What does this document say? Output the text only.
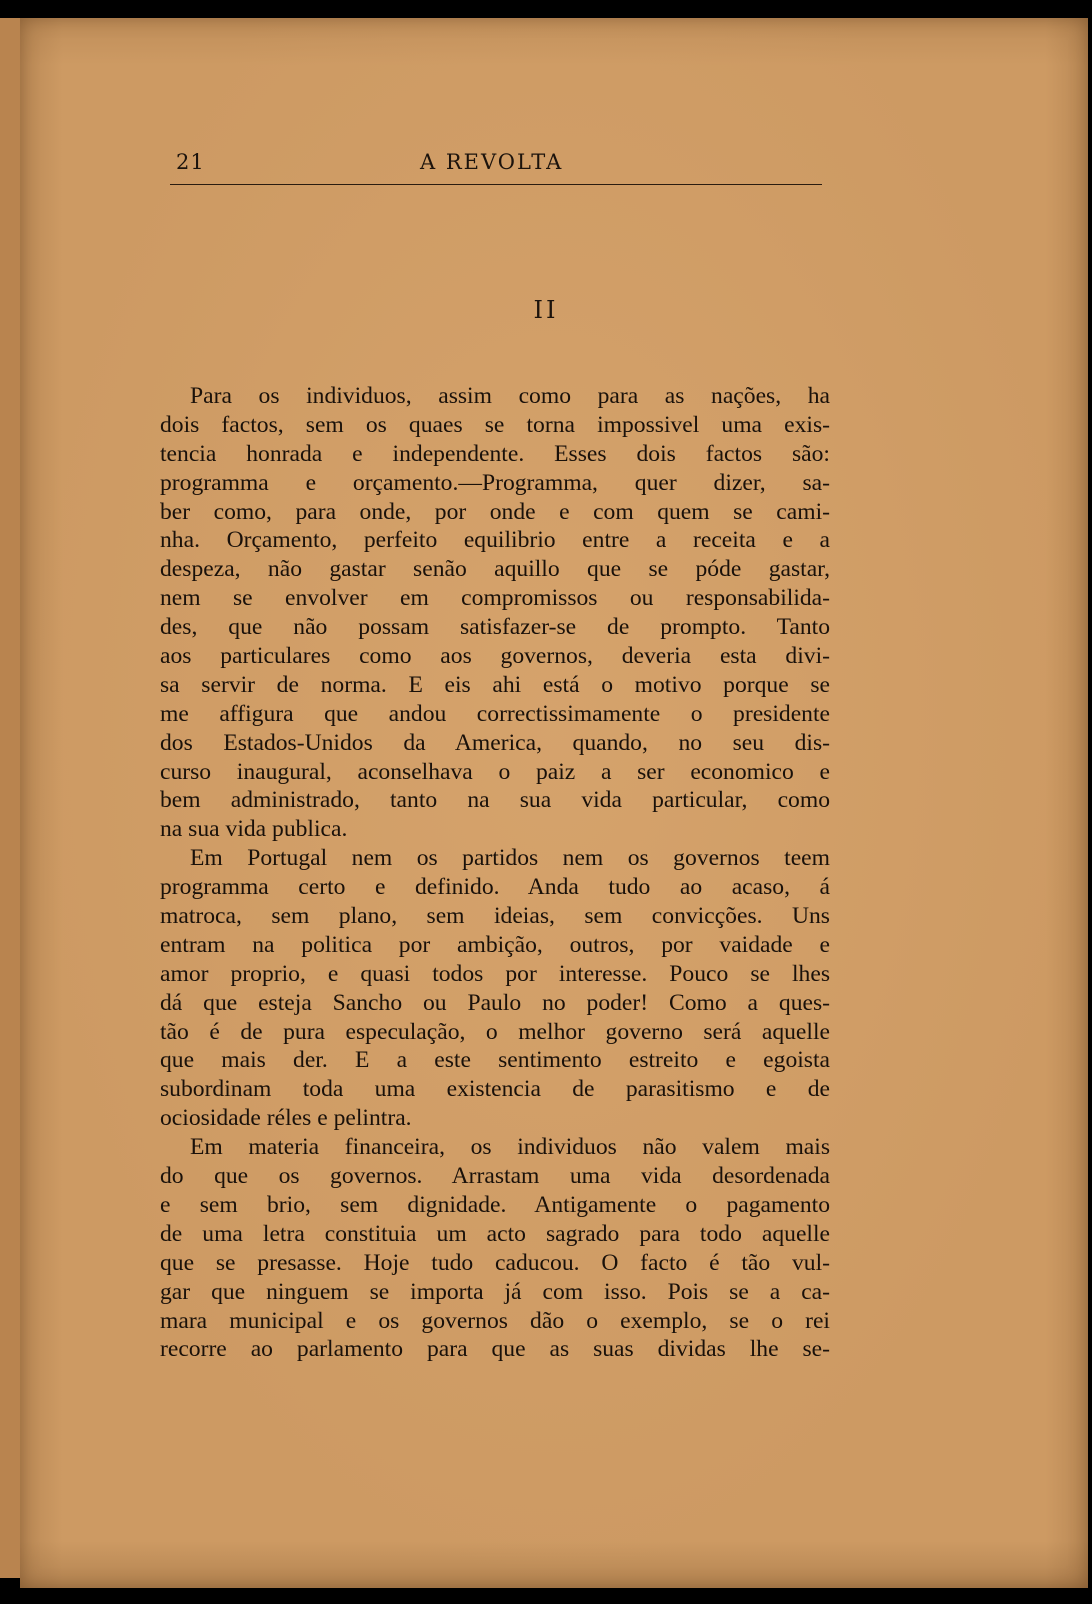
21	A REVOLTA
II
Para os individuos, assim como para as nações, ha
dois factos, sem os quaes se torna impossivel uma exis-
tencia honrada e independente. Esses dois factos são:
programma e orçamento.—Programma, quer dizer, sa-
ber como, para onde, por onde e com quem se cami-
nha. Orçamento, perfeito equilibrio entre a receita e a
despeza, não gastar senão aquillo que se póde gastar,
nem se envolver em compromissos ou responsabilida-
des, que não possam satisfazer-se de prompto. Tanto
aos particulares como aos governos, deveria esta divi-
sa servir de norma. E eis ahi está o motivo porque se
me affigura que andou correctissimamente o presidente
dos Estados-Unidos da America, quando, no seu dis-
curso inaugural, aconselhava o paiz a ser economico e
bem administrado, tanto na sua vida particular, como
na sua vida publica.
Em Portugal nem os partidos nem os governos teem
programma certo e definido. Anda tudo ao acaso, á
matroca, sem plano, sem ideias, sem convicções. Uns
entram na politica por ambição, outros, por vaidade e
amor proprio, e quasi todos por interesse. Pouco se lhes
dá que esteja Sancho ou Paulo no poder! Como a ques-
tão é de pura especulação, o melhor governo será aquelle
que mais der. E a este sentimento estreito e egoista
subordinam toda uma existencia de parasitismo e de
ociosidade réles e pelintra.
Em materia financeira, os individuos não valem mais
do que os governos. Arrastam uma vida desordenada
e sem brio, sem dignidade. Antigamente o pagamento
de uma letra constituia um acto sagrado para todo aquelle
que se presasse. Hoje tudo caducou. O facto é tão vul-
gar que ninguem se importa já com isso. Pois se a ca-
mara municipal e os governos dão o exemplo, se o rei
recorre ao parlamento para que as suas dividas lhe se-
